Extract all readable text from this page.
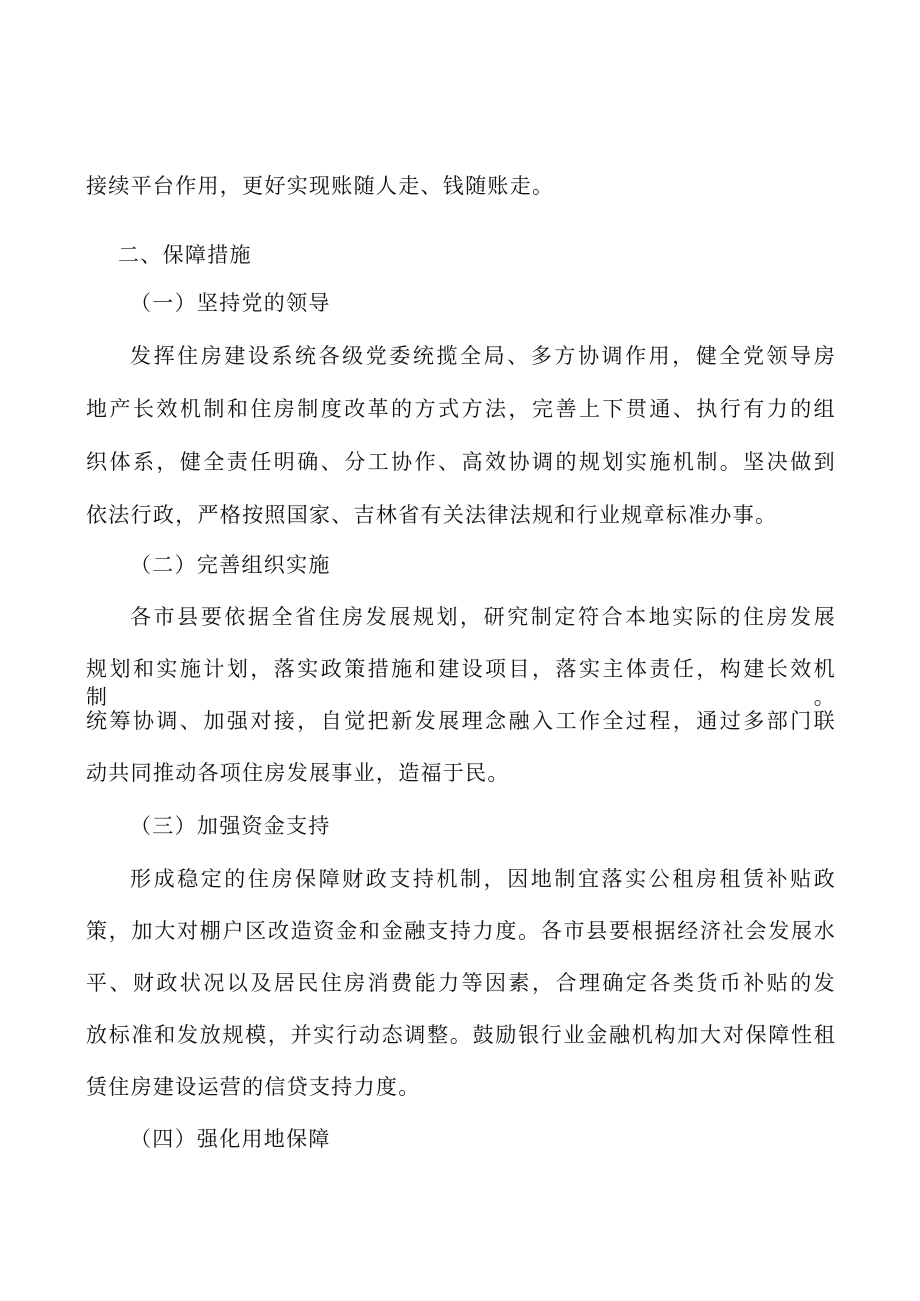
接续平台作用，更好实现账随人走、钱随账走。
二、保障措施
（一）坚持党的领导
发挥住房建设系统各级党委统揽全局、多方协调作用，健全党领导房
地产长效机制和住房制度改革的方式方法，完善上下贯通、执行有力的组
织体系，健全责任明确、分工协作、高效协调的规划实施机制。坚决做到
依法行政，严格按照国家、吉林省有关法律法规和行业规章标准办事。
（二）完善组织实施
各市县要依据全省住房发展规划，研究制定符合本地实际的住房发展
规划和实施计划，落实政策措施和建设项目，落实主体责任，构建长效机制。
统筹协调、加强对接，自觉把新发展理念融入工作全过程，通过多部门联
动共同推动各项住房发展事业，造福于民。
（三）加强资金支持
形成稳定的住房保障财政支持机制，因地制宜落实公租房租赁补贴政
策，加大对棚户区改造资金和金融支持力度。各市县要根据经济社会发展水
平、财政状况以及居民住房消费能力等因素，合理确定各类货币补贴的发
放标准和发放规模，并实行动态调整。鼓励银行业金融机构加大对保障性租
赁住房建设运营的信贷支持力度。
（四）强化用地保障
